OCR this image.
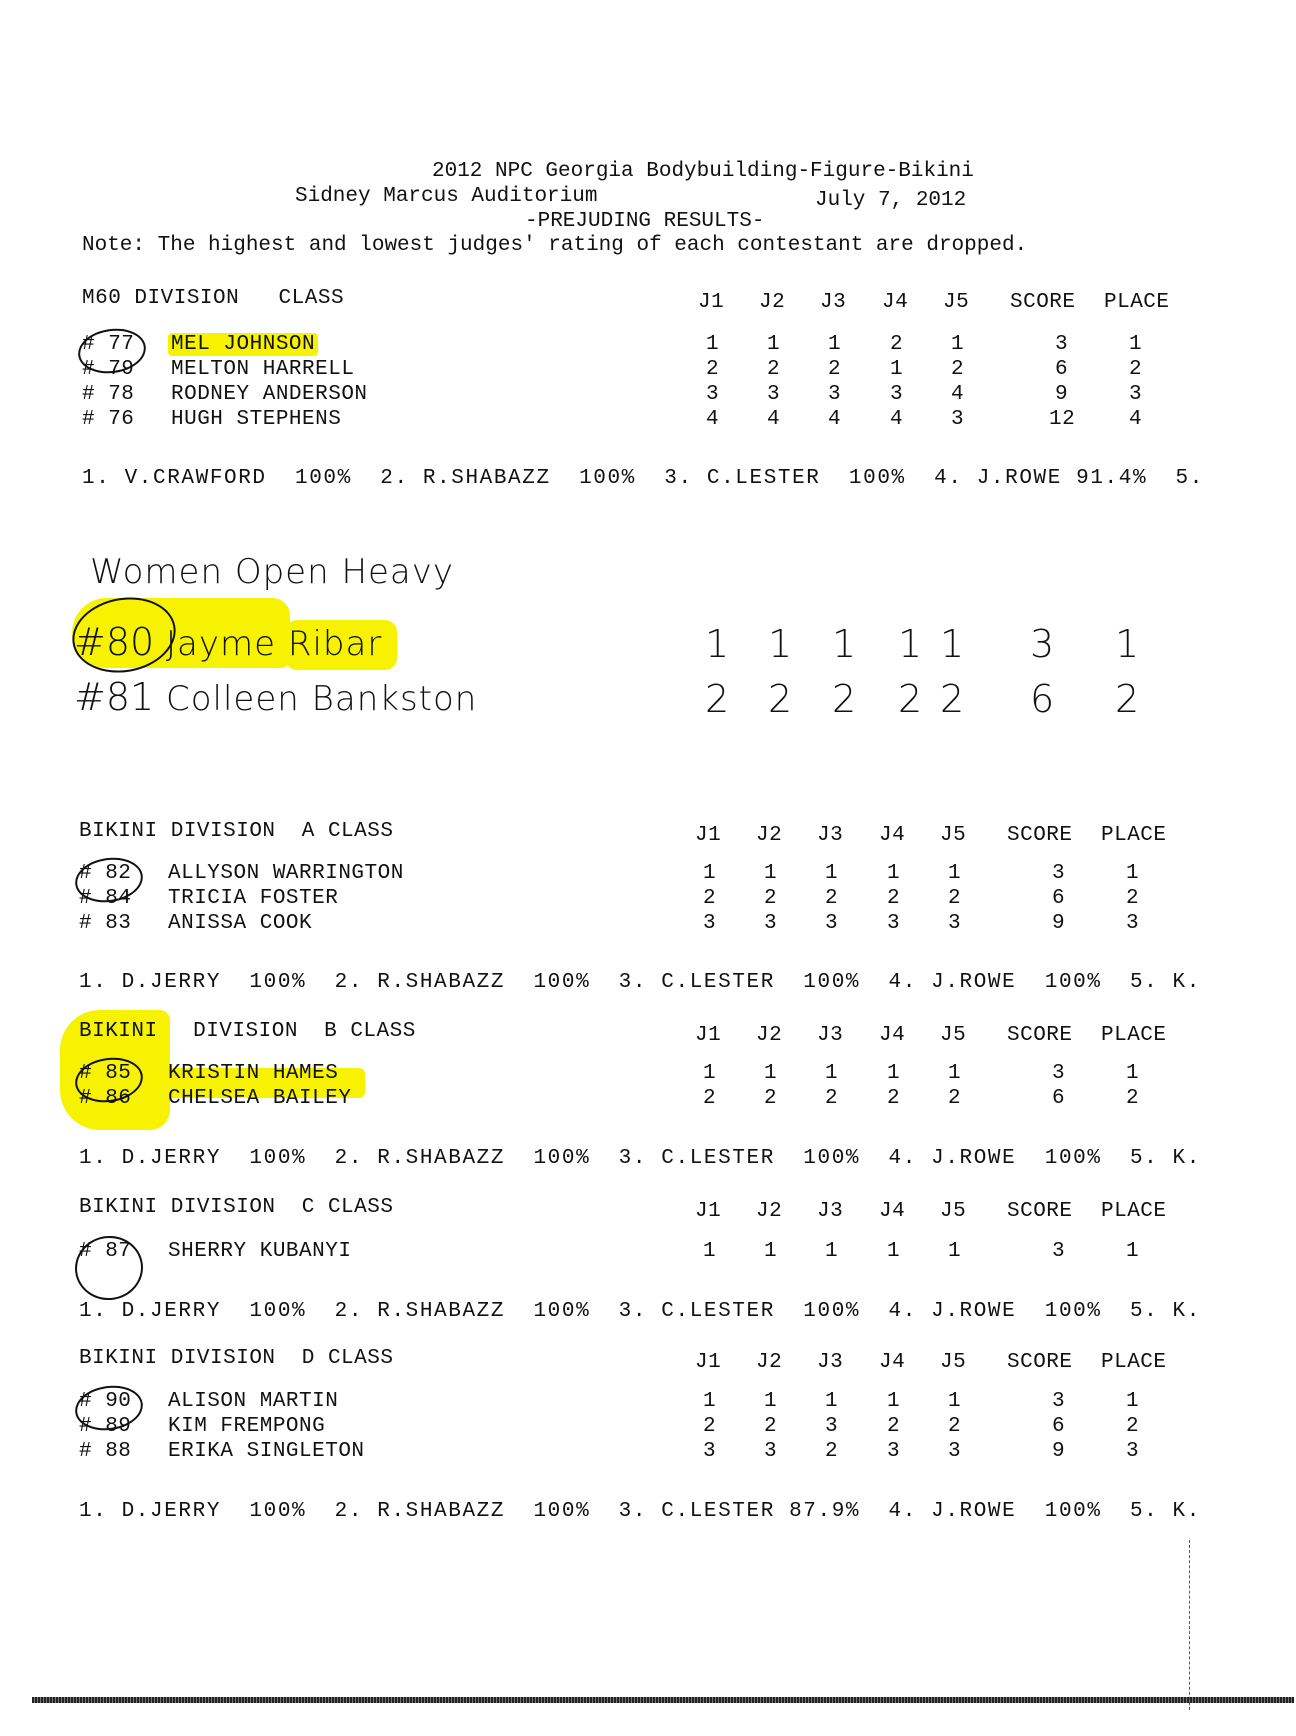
2012 NPC Georgia Bodybuilding-Figure-Bikini
Sidney Marcus Auditorium	July 7, 2012
-PREJUDING RESULTS-
Note: The highest and lowest judges' rating of each contestant are dropped.
M60 DIVISION   CLASS	J1 J2 J3 J4 J5 SCORE PLACE
# 77 MEL JOHNSON	1 1 1 2 1	3	1
# 79 MELTON HARRELL	2 2 2 1 2	6	2
# 78 RODNEY ANDERSON	3 3 3 3 4	9	3
# 76 HUGH STEPHENS	4 4 4 4 3	12	4
1. V.CRAWFORD  100%  2. R.SHABAZZ  100%  3. C.LESTER  100%  4. J.ROWE 91.4%  5.
Women Open Heavy
#80 Jayme Ribar	1 1 1 1 1 3 1
#81 Colleen Bankston	2 2 2 2 2 6 2
BIKINI DIVISION  A CLASS	J1 J2 J3 J4 J5 SCORE PLACE
# 82 ALLYSON WARRINGTON	1 1 1 1 1	3	1
# 84 TRICIA FOSTER	2 2 2 2 2	6	2
# 83 ANISSA COOK	3 3 3 3 3	9	3
1. D.JERRY  100%  2. R.SHABAZZ  100%  3. C.LESTER  100%  4. J.ROWE  100%  5. K.
BIKINI DIVISION  B CLASS	J1 J2 J3 J4 J5 SCORE PLACE
# 85 KRISTIN HAMES	1 1 1 1 1	3	1
# 86 CHELSEA BAILEY	2 2 2 2 2	6	2
1. D.JERRY  100%  2. R.SHABAZZ  100%  3. C.LESTER  100%  4. J.ROWE  100%  5. K.
BIKINI DIVISION  C CLASS	J1 J2 J3 J4 J5 SCORE PLACE
# 87 SHERRY KUBANYI	1 1 1 1 1	3	1
1. D.JERRY  100%  2. R.SHABAZZ  100%  3. C.LESTER  100%  4. J.ROWE  100%  5. K.
BIKINI DIVISION  D CLASS	J1 J2 J3 J4 J5 SCORE PLACE
# 90 ALISON MARTIN	1 1 1 1 1	3	1
# 89 KIM FREMPONG	2 2 3 2 2	6	2
# 88 ERIKA SINGLETON	3 3 2 3 3	9	3
1. D.JERRY  100%  2. R.SHABAZZ  100%  3. C.LESTER 87.9%  4. J.ROWE  100%  5. K.
